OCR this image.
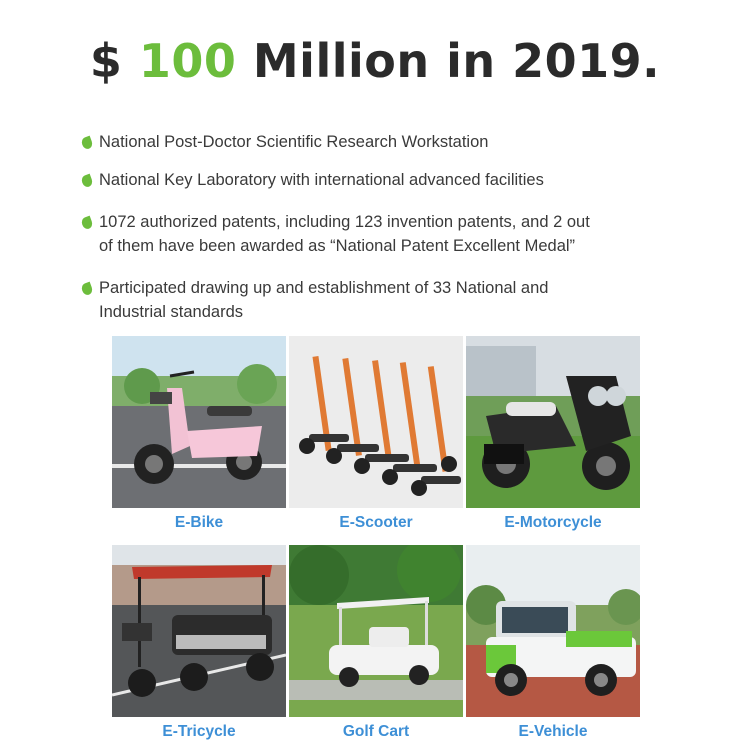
$ 100 Million in 2019.
National Post-Doctor Scientific Research Workstation
National Key Laboratory with international advanced facilities
1072 authorized patents, including 123 invention patents, and 2 out
of them have been awarded as “National Patent Excellent Medal”
Participated drawing up and establishment of 33 National and
Industrial standards
E-Bike	E-Scooter	E-Motorcycle
E-Tricycle	Golf Cart	E-Vehicle
